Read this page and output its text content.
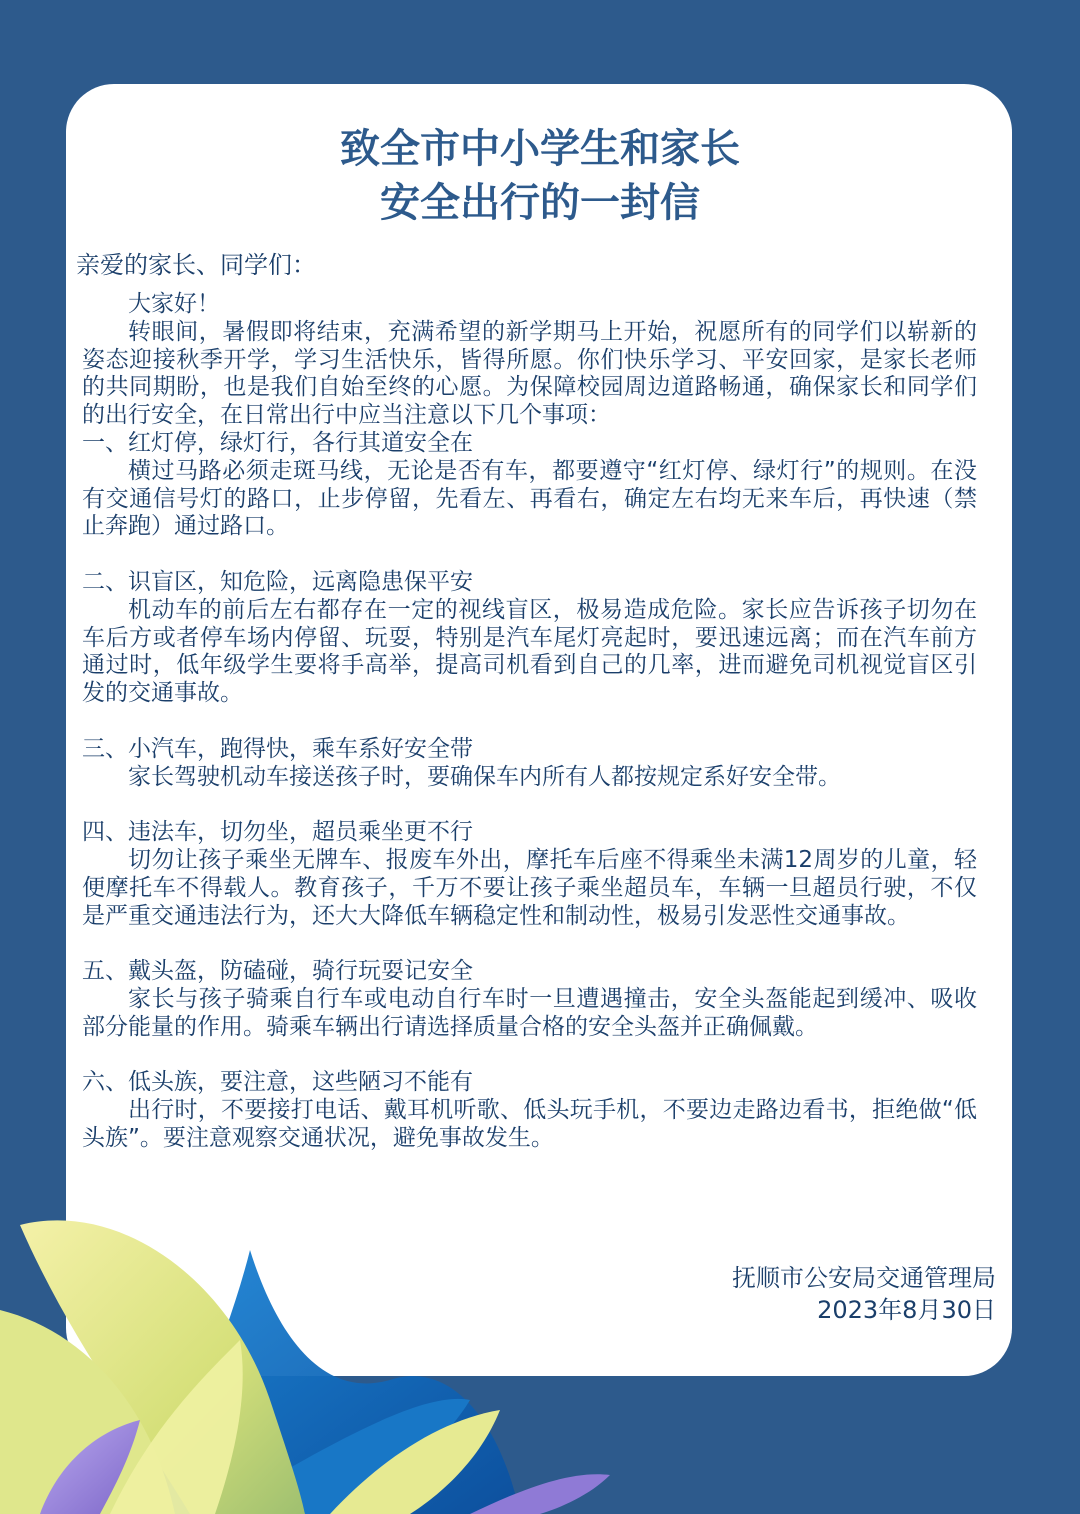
致全市中小学生和家长
安全出行的一封信
亲爱的家长、同学们：

大家好！

转眼间，暑假即将结束，充满希望的新学期马上开始，祝愿所有的同学们以崭新的姿态迎接秋季开学，学习生活快乐，皆得所愿。你们快乐学习、平安回家，是家长老师的共同期盼，也是我们自始至终的心愿。为保障校园周边道路畅通，确保家长和同学们的出行安全，在日常出行中应当注意以下几个事项：

一、红灯停，绿灯行，各行其道安全在

横过马路必须走斑马线，无论是否有车，都要遵守“红灯停、绿灯行”的规则。在没有交通信号灯的路口，止步停留，先看左、再看右，确定左右均无来车后，再快速（禁止奔跑）通过路口。

二、识盲区，知危险，远离隐患保平安

机动车的前后左右都存在一定的视线盲区，极易造成危险。家长应告诉孩子切勿在车后方或者停车场内停留、玩耍，特别是汽车尾灯亮起时，要迅速远离；而在汽车前方通过时，低年级学生要将手高举，提高司机看到自己的几率，进而避免司机视觉盲区引发的交通事故。

三、小汽车，跑得快，乘车系好安全带

家长驾驶机动车接送孩子时，要确保车内所有人都按规定系好安全带。

四、违法车，切勿坐，超员乘坐更不行

切勿让孩子乘坐无牌车、报废车外出，摩托车后座不得乘坐未满12周岁的儿童，轻便摩托车不得载人。教育孩子，千万不要让孩子乘坐超员车，车辆一旦超员行驶，不仅是严重交通违法行为，还大大降低车辆稳定性和制动性，极易引发恶性交通事故。

五、戴头盔，防磕碰，骑行玩耍记安全

家长与孩子骑乘自行车或电动自行车时一旦遭遇撞击，安全头盔能起到缓冲、吸收部分能量的作用。骑乘车辆出行请选择质量合格的安全头盔并正确佩戴。

六、低头族，要注意，这些陋习不能有

出行时，不要接打电话、戴耳机听歌、低头玩手机，不要边走路边看书，拒绝做“低头族”。要注意观察交通状况，避免事故发生。

抚顺市公安局交通管理局
2023年8月30日
